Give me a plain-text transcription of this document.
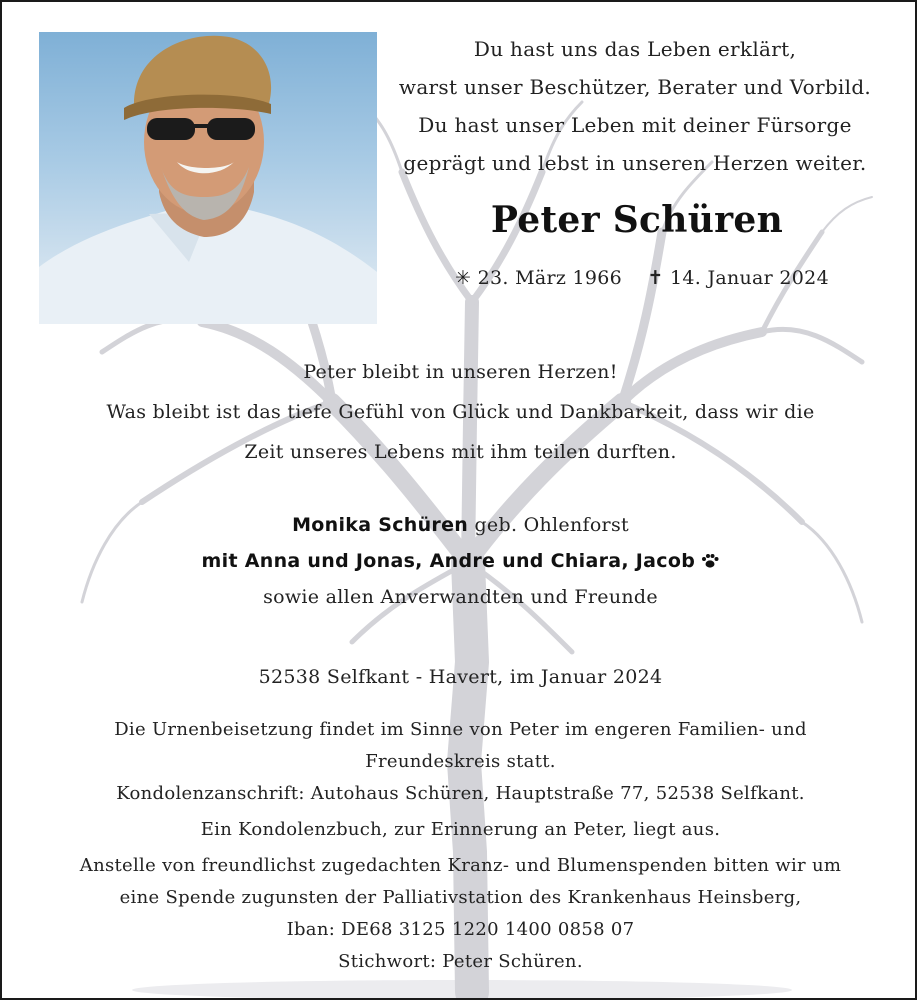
Du hast uns das Leben erklärt,
warst unser Beschützer, Berater und Vorbild.
Du hast unser Leben mit deiner Fürsorge
geprägt und lebst in unseren Herzen weiter.
Peter Schüren
✳ 23. März 1966 ✝ 14. Januar 2024
Peter bleibt in unseren Herzen!
Was bleibt ist das tiefe Gefühl von Glück und Dankbarkeit, dass wir die
Zeit unseres Lebens mit ihm teilen durften.
Monika Schüren geb. Ohlenforst
mit Anna und Jonas, Andre und Chiara, Jacob
sowie allen Anverwandten und Freunde
52538 Selfkant - Havert, im Januar 2024
Die Urnenbeisetzung findet im Sinne von Peter im engeren Familien- und
Freundeskreis statt.
Kondolenzanschrift: Autohaus Schüren, Hauptstraße 77, 52538 Selfkant.
Ein Kondolenzbuch, zur Erinnerung an Peter, liegt aus.
Anstelle von freundlichst zugedachten Kranz- und Blumenspenden bitten wir um
eine Spende zugunsten der Palliativstation des Krankenhaus Heinsberg,
Iban: DE68 3125 1220 1400 0858 07
Stichwort: Peter Schüren.
